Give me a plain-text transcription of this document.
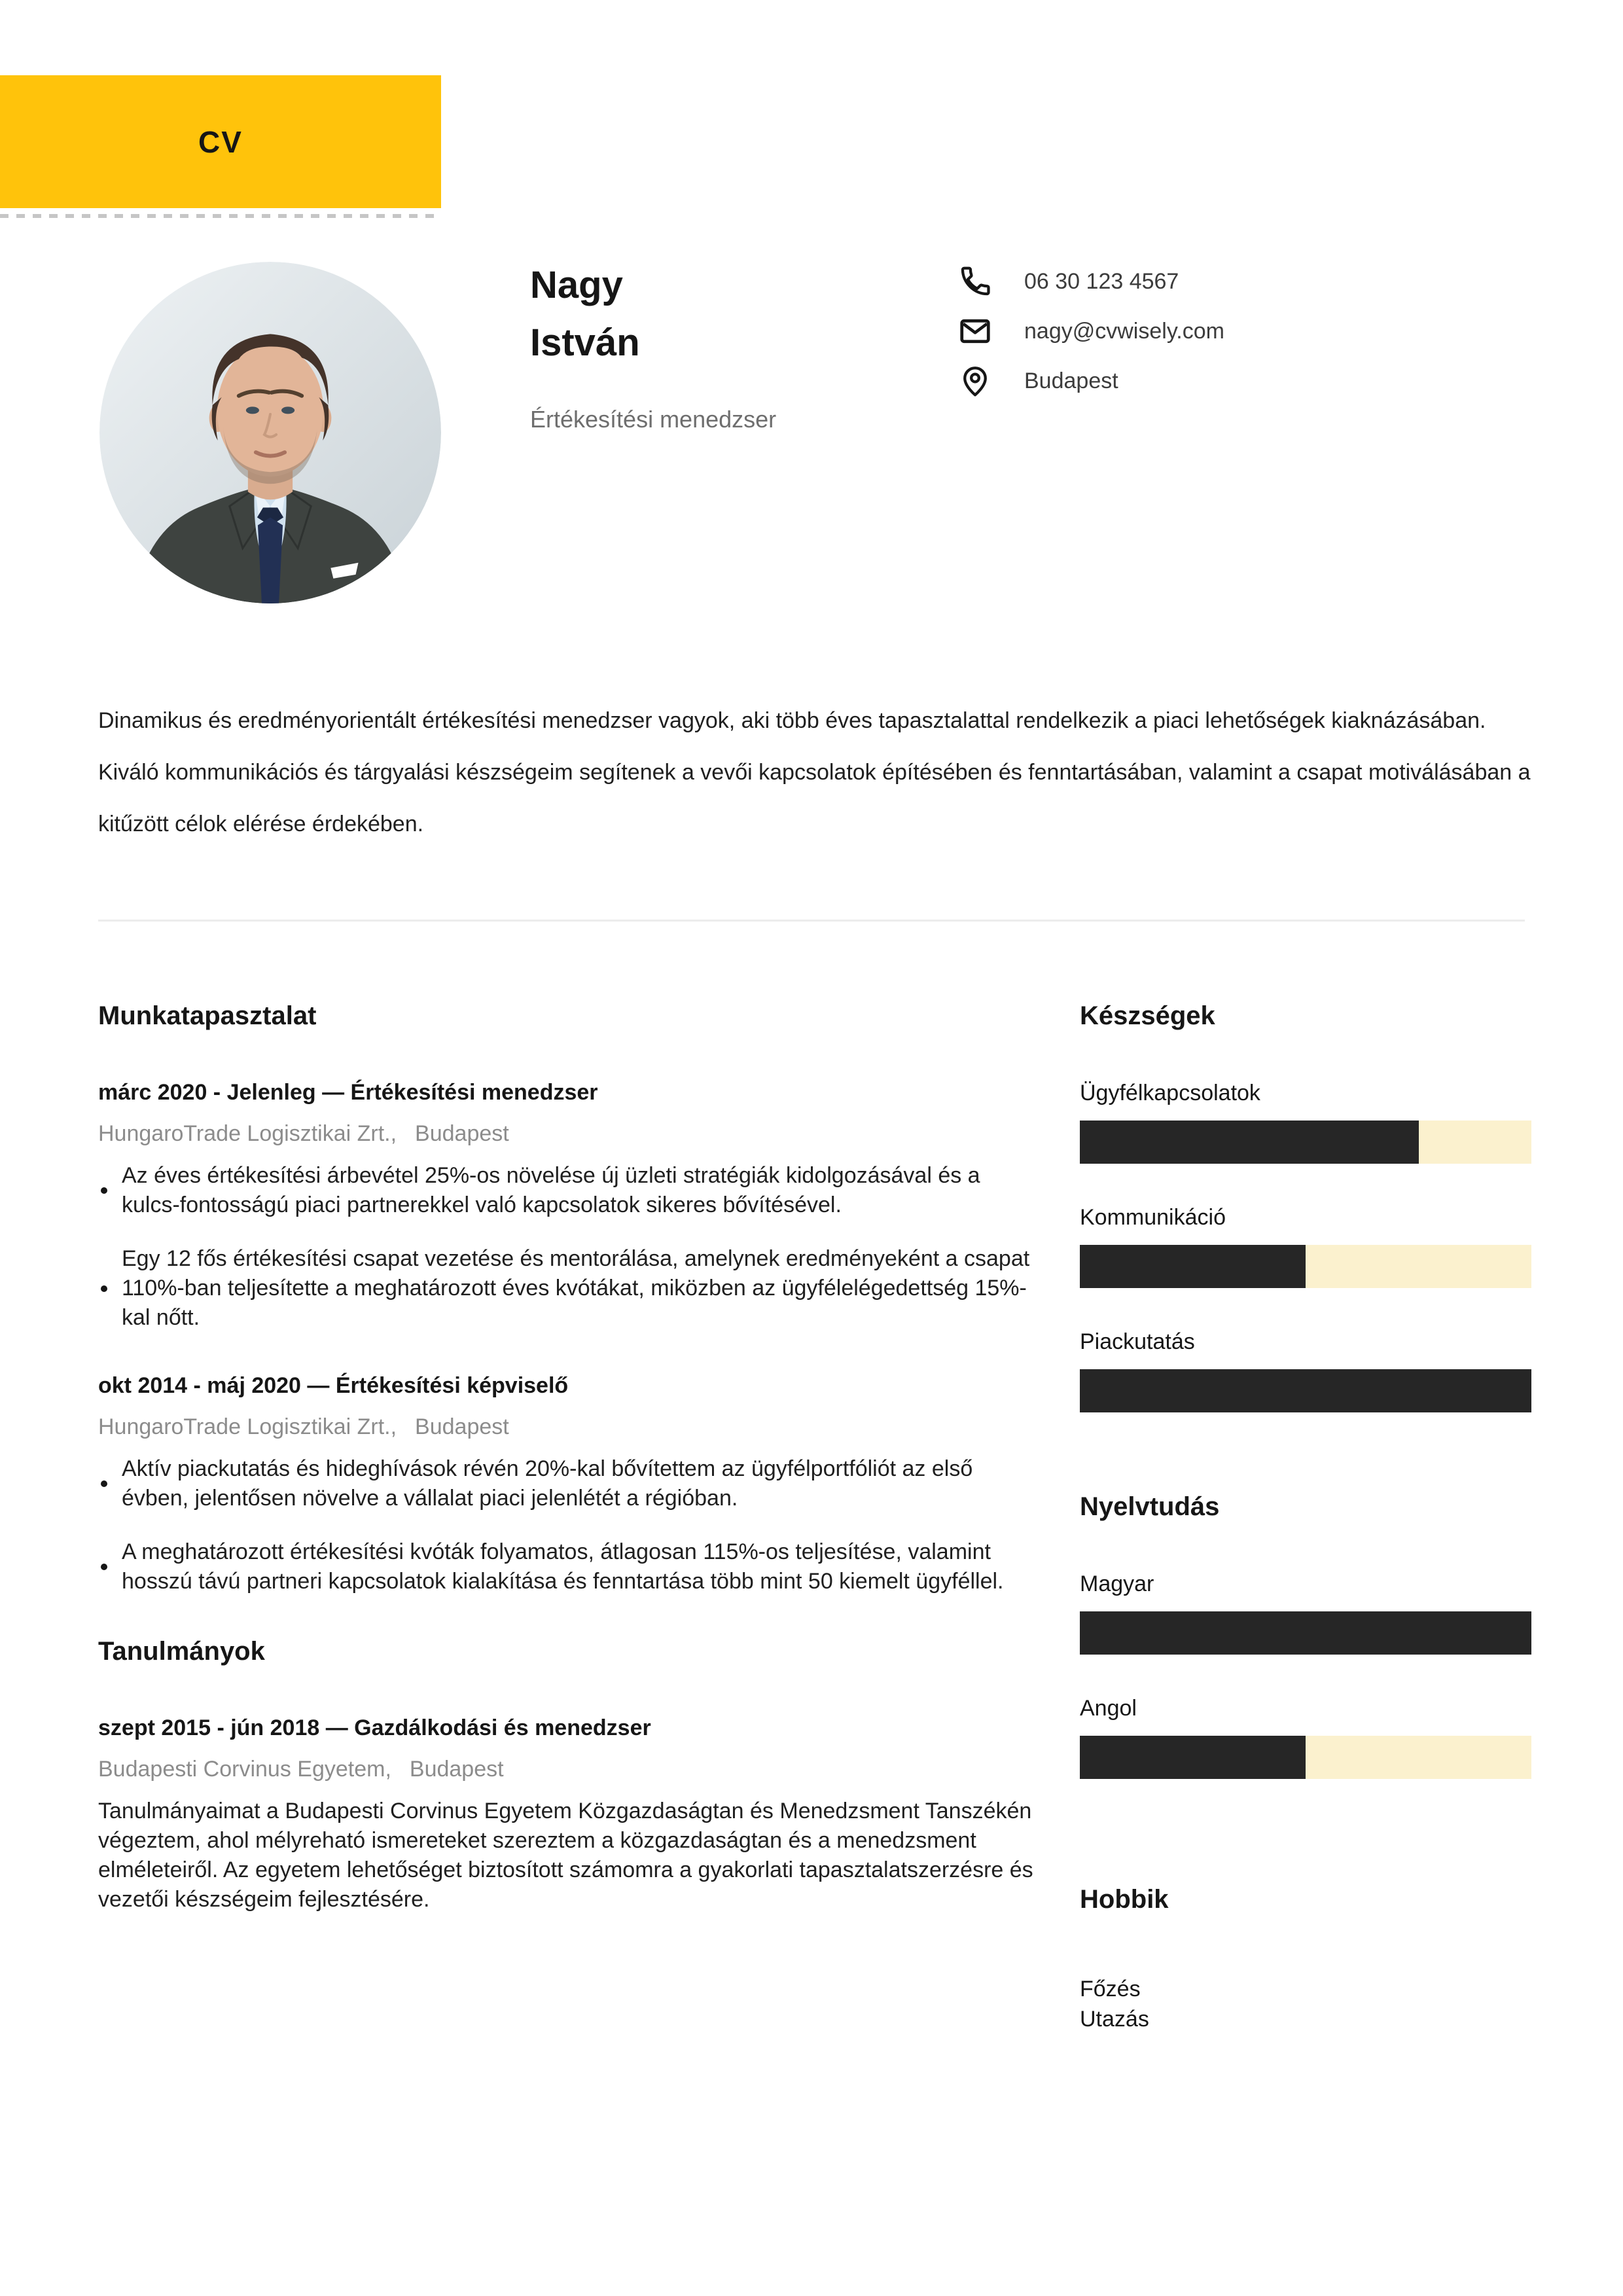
CV
Nagy
István
Értékesítési menedzser
06 30 123 4567
nagy@cvwisely.com
Budapest
Dinamikus és eredményorientált értékesítési menedzser vagyok, aki több éves tapasztalattal rendelkezik a piaci lehetőségek kiaknázásában. Kiváló kommunikációs és tárgyalási készségeim segítenek a vevői kapcsolatok építésében és fenntartásában, valamint a csapat motiválásában a kitűzött célok elérése érdekében.
Munkatapasztalat
márc 2020 - Jelenleg — Értékesítési menedzser
HungaroTrade Logisztikai Zrt., Budapest
Az éves értékesítési árbevétel 25%-os növelése új üzleti stratégiák kidolgozásával és a kulcs-fontosságú piaci partnerekkel való kapcsolatok sikeres bővítésével.
Egy 12 fős értékesítési csapat vezetése és mentorálása, amelynek eredményeként a csapat 110%-ban teljesítette a meghatározott éves kvótákat, miközben az ügyfélelégedettség 15%-kal nőtt.
okt 2014 - máj 2020 — Értékesítési képviselő
HungaroTrade Logisztikai Zrt., Budapest
Aktív piackutatás és hideghívások révén 20%-kal bővítettem az ügyfélportfóliót az első évben, jelentősen növelve a vállalat piaci jelenlétét a régióban.
A meghatározott értékesítési kvóták folyamatos, átlagosan 115%-os teljesítése, valamint hosszú távú partneri kapcsolatok kialakítása és fenntartása több mint 50 kiemelt ügyféllel.
Tanulmányok
szept 2015 - jún 2018 — Gazdálkodási és menedzser
Budapesti Corvinus Egyetem, Budapest

Tanulmányaimat a Budapesti Corvinus Egyetem Közgazdaságtan és Menedzsment Tanszékén végeztem, ahol mélyreható ismereteket szereztem a közgazdaságtan és a menedzsment elméleteiről. Az egyetem lehetőséget biztosított számomra a gyakorlati tapasztalatszerzésre és vezetői készségeim fejlesztésére.

Készségek
Ügyfélkapcsolatok
Kommunikáció
Piackutatás
Nyelvtudás
Magyar
Angol
Hobbik
Főzés
Utazás
